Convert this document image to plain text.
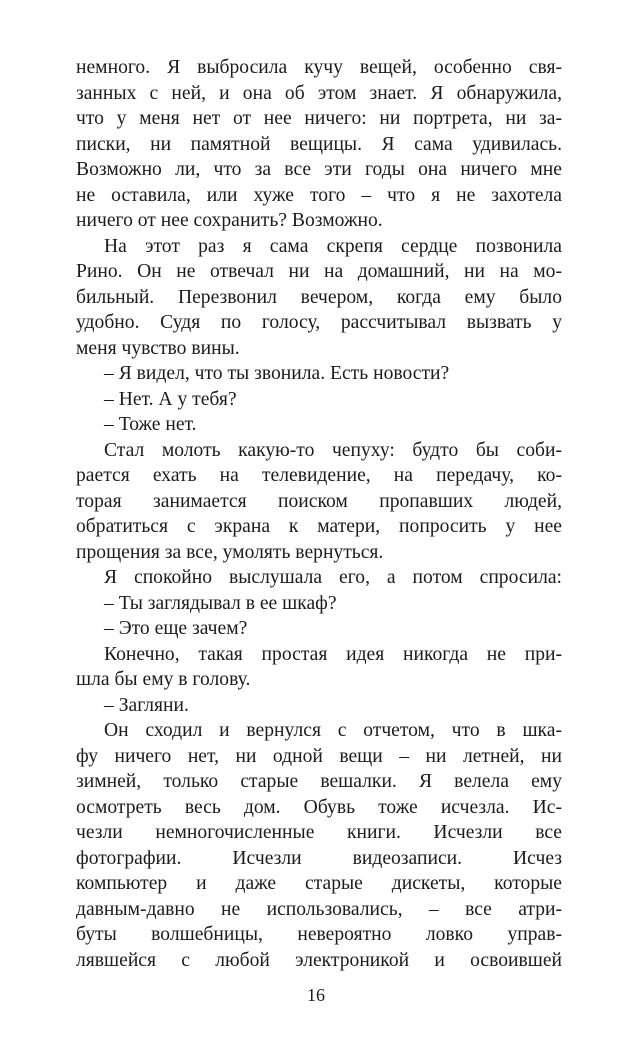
немного. Я выбросила кучу вещей, особенно свя-
занных с ней, и она об этом знает. Я обнаружила,
что у меня нет от нее ничего: ни портрета, ни за-
писки, ни памятной вещицы. Я сама удивилась.
Возможно ли, что за все эти годы она ничего мне
не оставила, или хуже того – что я не захотела
ничего от нее сохранить? Возможно.
На этот раз я сама скрепя сердце позвонила
Рино. Он не отвечал ни на домашний, ни на мо-
бильный. Перезвонил вечером, когда ему было
удобно. Судя по голосу, рассчитывал вызвать у
меня чувство вины.
– Я видел, что ты звонила. Есть новости?
– Нет. А у тебя?
– Тоже нет.
Стал молоть какую-то чепуху: будто бы соби-
рается ехать на телевидение, на передачу, ко-
торая занимается поиском пропавших людей,
обратиться с экрана к матери, попросить у нее
прощения за все, умолять вернуться.
Я спокойно выслушала его, а потом спросила:
– Ты заглядывал в ее шкаф?
– Это еще зачем?
Конечно, такая простая идея никогда не при-
шла бы ему в голову.
– Загляни.
Он сходил и вернулся с отчетом, что в шка-
фу ничего нет, ни одной вещи – ни летней, ни
зимней, только старые вешалки. Я велела ему
осмотреть весь дом. Обувь тоже исчезла. Ис-
чезли немногочисленные книги. Исчезли все
фотографии. Исчезли видеозаписи. Исчез
компьютер и даже старые дискеты, которые
давным-давно не использовались, – все атри-
буты волшебницы, невероятно ловко управ-
лявшейся с любой электроникой и освоившей
16
